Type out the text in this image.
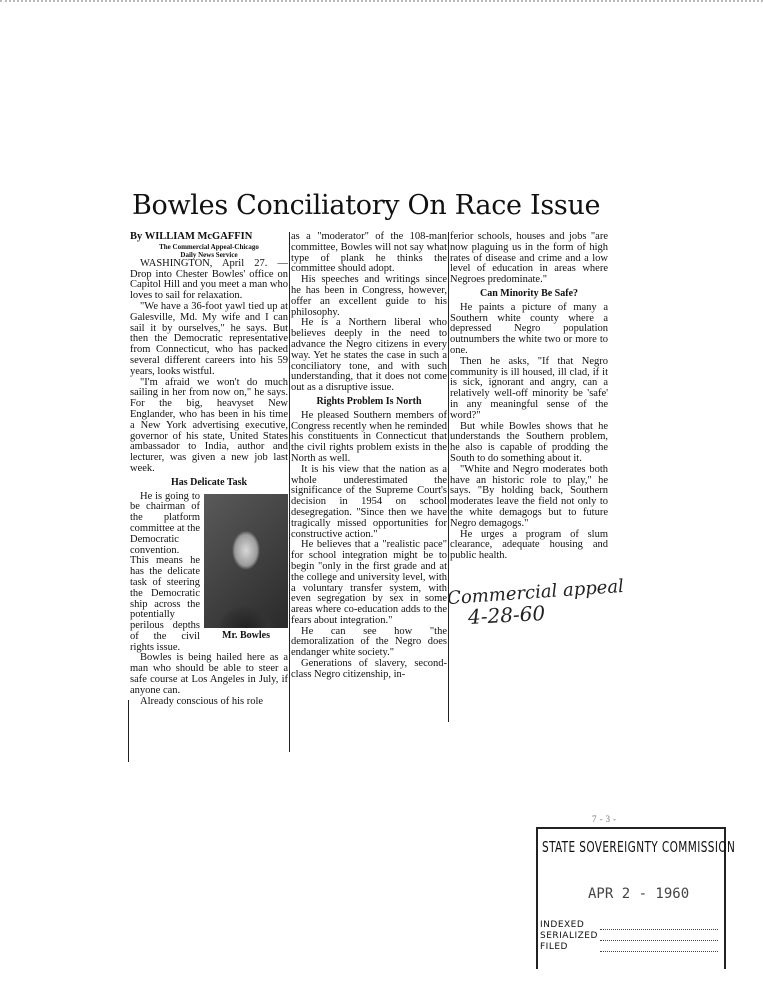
Bowles Conciliatory On Race Issue

By WILLIAM McGAFFIN

The Commercial Appeal-Chicago

Daily News Service

WASHINGTON, April 27. — Drop into Chester Bowles' office on Capitol Hill and you meet a man who loves to sail for relaxation.

"We have a 36-foot yawl tied up at Galesville, Md. My wife and I can sail it by ourselves," he says. But then the Democratic representative from Connecticut, who has packed several different careers into his 59 years, looks wistful.

"I'm afraid we won't do much sailing in her from now on," he says. For the big, heavyset New Englander, who has been in his time a New York advertising executive, governor of his state, United States ambassador to India, author and lecturer, was given a new job last week.

Has Delicate Task

Mr. Bowles

He is going to be chairman of the platform committee at the Democratic convention. This means he has the delicate task of steering the Democratic ship across the potentially perilous depths of the civil rights issue.

Bowles is being hailed here as a man who should be able to steer a safe course at Los Angeles in July, if anyone can.

Already conscious of his role

as a "moderator" of the 108-man committee, Bowles will not say what type of plank he thinks the committee should adopt.

His speeches and writings since he has been in Congress, however, offer an excellent guide to his philosophy.

He is a Northern liberal who believes deeply in the need to advance the Negro citizens in every way. Yet he states the case in such a conciliatory tone, and with such understanding, that it does not come out as a disruptive issue.

Rights Problem Is North

He pleased Southern members of Congress recently when he reminded his constituents in Connecticut that the civil rights problem exists in the North as well.

It is his view that the nation as a whole underestimated the significance of the Supreme Court's decision in 1954 on school desegregation. "Since then we have tragically missed opportunities for constructive action."

He believes that a "realistic pace" for school integration might be to begin "only in the first grade and at the college and university level, with a voluntary transfer system, with even segregation by sex in some areas where co-education adds to the fears about integration."

He can see how "the demoralization of the Negro does endanger white society."

Generations of slavery, second-class Negro citizenship, in-

ferior schools, houses and jobs "are now plaguing us in the form of high rates of disease and crime and a low level of education in areas where Negroes predominate."

Can Minority Be Safe?

He paints a picture of many a Southern white county where a depressed Negro population outnumbers the white two or more to one.

Then he asks, "If that Negro community is ill housed, ill clad, if it is sick, ignorant and angry, can a relatively well-off minority be 'safe' in any meaningful sense of the word?"

But while Bowles shows that he understands the Southern problem, he also is capable of prodding the South to do something about it.

"White and Negro moderates both have an historic role to play," he says. "By holding back, Southern moderates leave the field not only to the white demagogs but to future Negro demagogs."

He urges a program of slum clearance, adequate housing and public health.

Commercial appeal
4-28-60
7-3-
STATE SOVEREIGNTY COMMISSION
APR 2 - 1960
INDEXED
SERIALIZED
FILED
